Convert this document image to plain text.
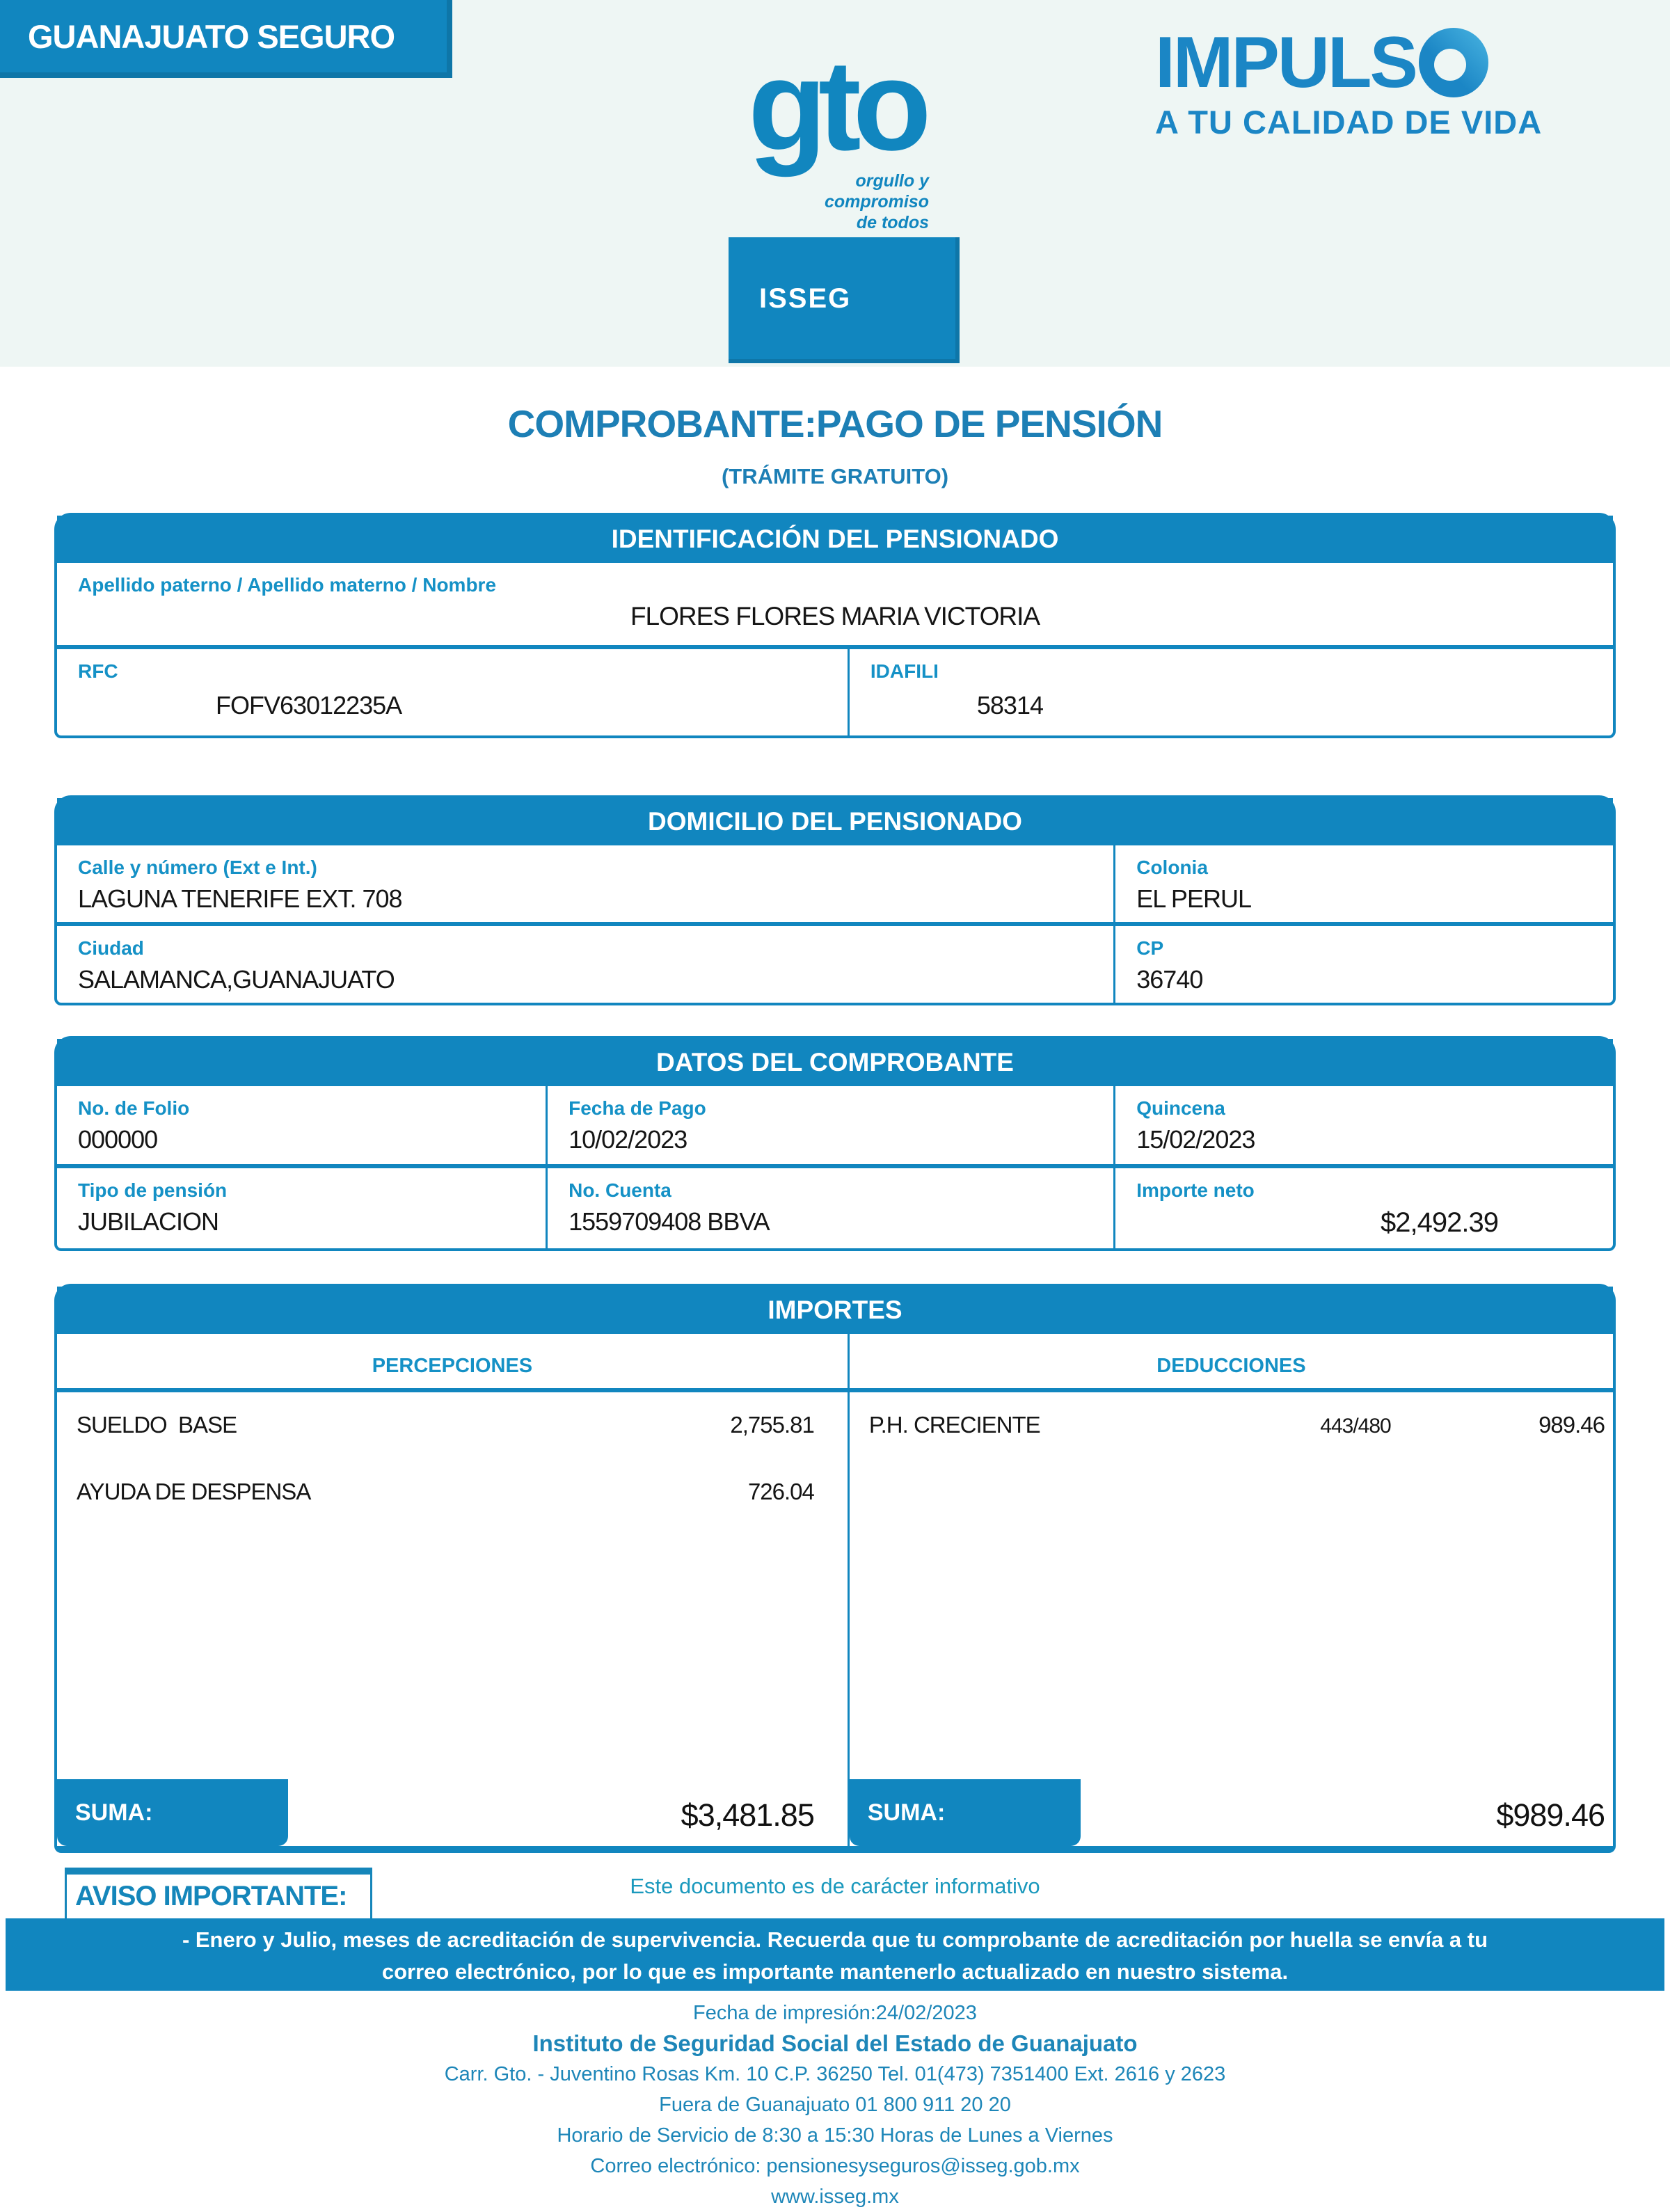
GUANAJUATO SEGURO	gto
orgullo y
compromiso
de todos
IMPULS
A TU CALIDAD DE VIDA
ISSEG
COMPROBANTE:PAGO DE PENSIÓN
(TRÁMITE GRATUITO)
IDENTIFICACIÓN DEL PENSIONADO
Apellido paterno / Apellido materno / Nombre
FLORES FLORES MARIA VICTORIA
RFC
FOFV63012235A
IDAFILI
58314
DOMICILIO DEL PENSIONADO
Calle y número (Ext e Int.)
LAGUNA TENERIFE EXT. 708
Colonia
EL PERUL
Ciudad
SALAMANCA,GUANAJUATO
CP
36740
DATOS DEL COMPROBANTE
No. de Folio
000000
Fecha de Pago
10/02/2023
Quincena
15/02/2023
Tipo de pensión
JUBILACION
No. Cuenta
1559709408 BBVA
Importe neto
$2,492.39
IMPORTES
PERCEPCIONES	DEDUCCIONES
SUELDO  BASE	2,755.81
AYUDA DE DESPENSA	726.04
P.H. CRECIENTE	443/480	989.46
SUMA:	$3,481.85 SUMA:	$989.46
Este documento es de carácter informativo
AVISO IMPORTANTE:
- Enero y Julio, meses de acreditación de supervivencia. Recuerda que tu comprobante de acreditación por huella se envía a tu
correo electrónico, por lo que es importante mantenerlo actualizado en nuestro sistema.
Fecha de impresión:24/02/2023
Instituto de Seguridad Social del Estado de Guanajuato
Carr. Gto. - Juventino Rosas Km. 10 C.P. 36250 Tel. 01(473) 7351400 Ext. 2616 y 2623
Fuera de Guanajuato 01 800 911 20 20
Horario de Servicio de 8:30 a 15:30 Horas de Lunes a Viernes
Correo electrónico: pensionesyseguros@isseg.gob.mx
www.isseg.mx
